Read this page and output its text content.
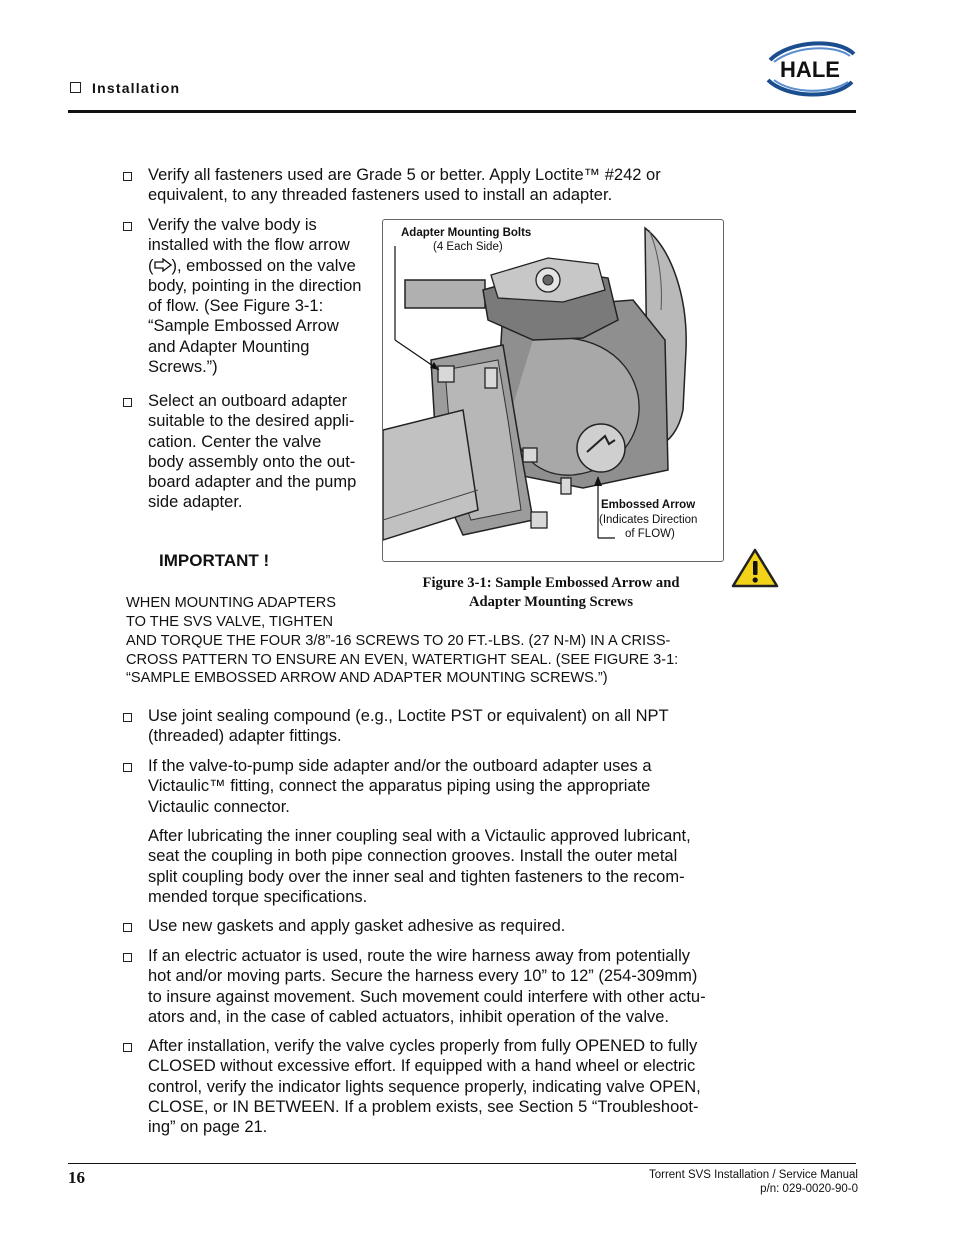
Installation
HALE
Verify all fasteners used are Grade 5 or better. Apply Loctite™ #242 or
equivalent, to any threaded fasteners used to install an adapter.
Verify the valve body is
installed with the flow arrow
( ), embossed on the valve
body, pointing in the direction
of flow. (See Figure 3-1:
“Sample Embossed Arrow
and Adapter Mounting
Screws.”)
Select an outboard adapter
suitable to the desired appli-
cation. Center the valve
body assembly onto the out-
board adapter and the pump
side adapter.
Adapter Mounting Bolts
(4 Each Side)
Embossed Arrow
(Indicates Direction
of FLOW)
IMPORTANT !
Figure 3-1: Sample Embossed Arrow and
Adapter Mounting Screws
WHEN MOUNTING ADAPTERS
TO THE SVS VALVE, TIGHTEN
AND TORQUE THE FOUR 3/8”-16 SCREWS TO 20 FT.-LBS. (27 N-M) IN A CRISS-
CROSS PATTERN TO ENSURE AN EVEN, WATERTIGHT SEAL. (SEE FIGURE 3-1:
“SAMPLE EMBOSSED ARROW AND ADAPTER MOUNTING SCREWS.”)
Use joint sealing compound (e.g., Loctite PST or equivalent) on all NPT
(threaded) adapter fittings.
If the valve-to-pump side adapter and/or the outboard adapter uses a
Victaulic™ fitting, connect the apparatus piping using the appropriate
Victaulic connector.
After lubricating the inner coupling seal with a Victaulic approved lubricant,
seat the coupling in both pipe connection grooves. Install the outer metal
split coupling body over the inner seal and tighten fasteners to the recom-
mended torque specifications.
Use new gaskets and apply gasket adhesive as required.
If an electric actuator is used, route the wire harness away from potentially
hot and/or moving parts. Secure the harness every 10” to 12” (254-309mm)
to insure against movement. Such movement could interfere with other actu-
ators and, in the case of cabled actuators, inhibit operation of the valve.
After installation, verify the valve cycles properly from fully OPENED to fully
CLOSED without excessive effort. If equipped with a hand wheel or electric
control, verify the indicator lights sequence properly, indicating valve OPEN,
CLOSE, or IN BETWEEN. If a problem exists, see Section 5 “Troubleshoot-
ing” on page 21.
16	Torrent SVS Installation / Service Manual
p/n: 029-0020-90-0
